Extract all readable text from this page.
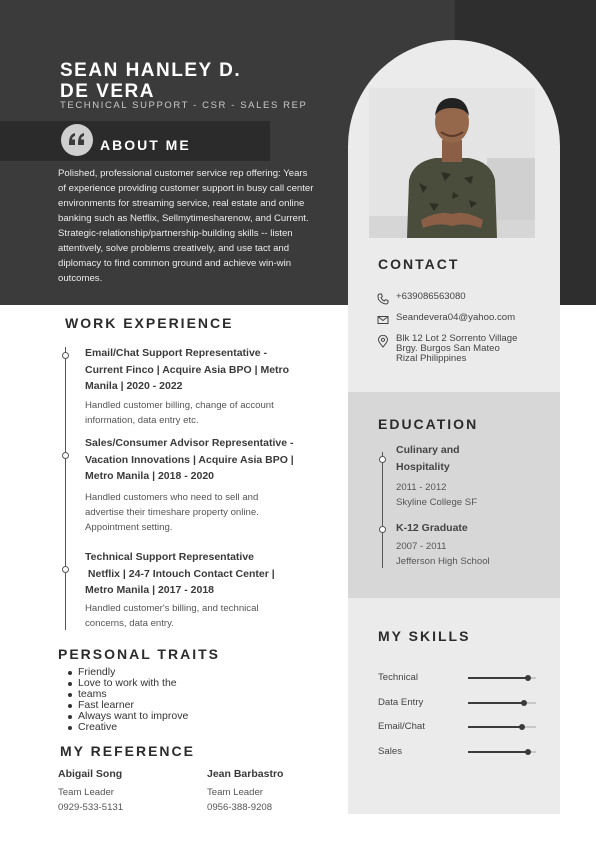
SEAN HANLEY D.
DE VERA
TECHNICAL SUPPORT - CSR - SALES REP
ABOUT ME
Polished, professional customer service rep offering: Years of experience providing customer support in busy call center environments for streaming service, real estate and online banking such as Netflix, Sellmytimesharenow, and Current. Strategic-relationship/partnership-building skills -- listen attentively, solve problems creatively, and use tact and diplomacy to find common ground and achieve win-win outcomes.
CONTACT
+639086563080
Seandevera04@yahoo.com
Blk 12 Lot 2 Sorrento Village
Brgy. Burgos San Mateo
Rizal Philippines
EDUCATION
Culinary and
Hospitality
2011 - 2012
Skyline College SF
K-12 Graduate
2007 - 2011
Jefferson High School
MY SKILLS
Technical
Data Entry
Email/Chat
Sales
WORK EXPERIENCE
Email/Chat Support Representative -
Current Finco | Acquire Asia BPO | Metro
Manila | 2020 - 2022
Handled customer billing, change of account
information, data entry etc.
Sales/Consumer Advisor Representative -
Vacation Innovations | Acquire Asia BPO |
Metro Manila | 2018 - 2020
Handled customers who need to sell and
advertise their timeshare property online.
Appointment setting.
Technical Support Representative
Netflix | 24-7 Intouch Contact Center |
Metro Manila | 2017 - 2018
Handled customer's billing, and technical
concerns, data entry.
PERSONAL TRAITS
Friendly
Love to work with the
teams
Fast learner
Always want to improve
Creative
MY REFERENCE
Abigail Song
Team Leader
0929-533-5131
Jean Barbastro
Team Leader
0956-388-9208
